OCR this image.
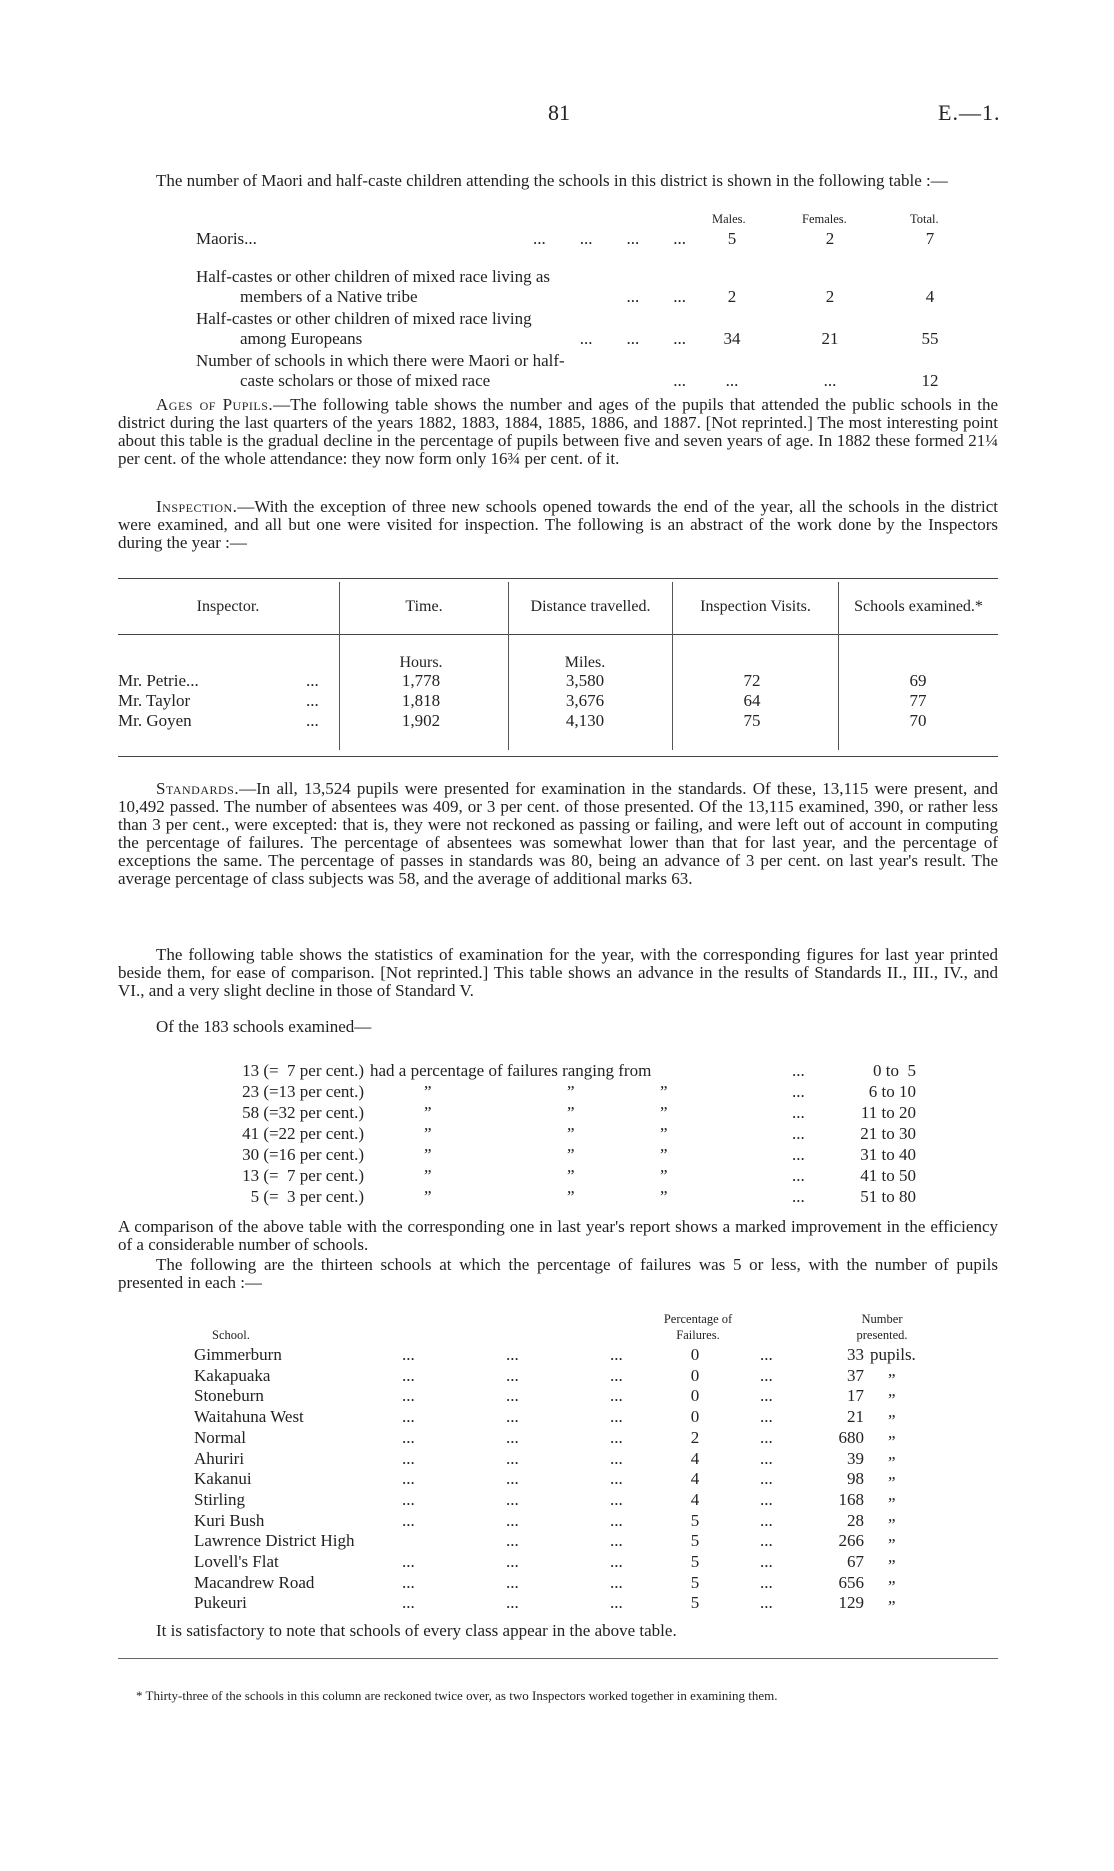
81	E.—1.

The number of Maori and half-caste children attending the schools in this district is shown in the following table :—

Males.	Females.	Total.
Maoris...	...        ...        ...        ...	5	2	7
Half-castes or other children of mixed race living as
members of a Native tribe	...        ...	2	2	4
Half-castes or other children of mixed race living
among Europeans	...        ...        ...	34	21	55
Number of schools in which there were Maori or half-
caste scholars or those of mixed race	...	...	...	12

Ages of Pupils.—The following table shows the number and ages of the pupils that attended the public schools in the district during the last quarters of the years 1882, 1883, 1884, 1885, 1886, and 1887. [Not reprinted.] The most interesting point about this table is the gradual decline in the percentage of pupils between five and seven years of age. In 1882 these formed 21¼ per cent. of the whole attendance: they now form only 16¾ per cent. of it.

Inspection.—With the exception of three new schools opened towards the end of the year, all the schools in the district were examined, and all but one were visited for inspection. The following is an abstract of the work done by the Inspectors during the year :—

Inspector.	Time.	Distance travelled.	Inspection Visits.	Schools examined.*
Hours.	Miles.
Mr. Petrie...	...	1,778	3,580	72	69
Mr. Taylor	...	1,818	3,676	64	77
Mr. Goyen	...	1,902	4,130	75	70

Standards.—In all, 13,524 pupils were presented for examination in the standards. Of these, 13,115 were present, and 10,492 passed. The number of absentees was 409, or 3 per cent. of those presented. Of the 13,115 examined, 390, or rather less than 3 per cent., were excepted: that is, they were not reckoned as passing or failing, and were left out of account in computing the percentage of failures. The percentage of absentees was somewhat lower than that for last year, and the percentage of exceptions the same. The percentage of passes in standards was 80, being an advance of 3 per cent. on last year's result. The average percentage of class subjects was 58, and the average of additional marks 63.

The following table shows the statistics of examination for the year, with the corresponding figures for last year printed beside them, for ease of comparison. [Not reprinted.] This table shows an advance in the results of Standards II., III., IV., and VI., and a very slight decline in those of Standard V.

Of the 183 schools examined—

13 (=  7 per cent.) had a percentage of failures ranging from	...	0 to  5
23 (=13 per cent.)	”	”	”	...	6 to 10
58 (=32 per cent.)	”	”	”	...	11 to 20
41 (=22 per cent.)	”	”	”	...	21 to 30
30 (=16 per cent.)	”	”	”	...	31 to 40
13 (=  7 per cent.)	”	”	”	...	41 to 50
5 (=  3 per cent.)	”	”	”	...	51 to 80

A comparison of the above table with the corresponding one in last year's report shows a marked improvement in the efficiency of a considerable number of schools.

The following are the thirteen schools at which the percentage of failures was 5 or less, with the number of pupils presented in each :—

School.
Percentage of
Failures.
Number
presented.
Gimmerburn	...	...	...	0	...	33 pupils.
Kakapuaka	...	...	...	0	...	37 ”
Stoneburn	...	...	...	0	...	17 ”
Waitahuna West	...	...	...	0	...	21 ”
Normal	...	...	...	2	...	680 ”
Ahuriri	...	...	...	4	...	39 ”
Kakanui	...	...	...	4	...	98 ”
Stirling	...	...	...	4	...	168 ”
Kuri Bush	...	...	...	5	...	28 ”
Lawrence District High	...	...	5	...	266 ”
Lovell's Flat	...	...	...	5	...	67 ”
Macandrew Road	...	...	...	5	...	656 ”
Pukeuri	...	...	...	5	...	129 ”

It is satisfactory to note that schools of every class appear in the above table.

* Thirty-three of the schools in this column are reckoned twice over, as two Inspectors worked together in examining them.
